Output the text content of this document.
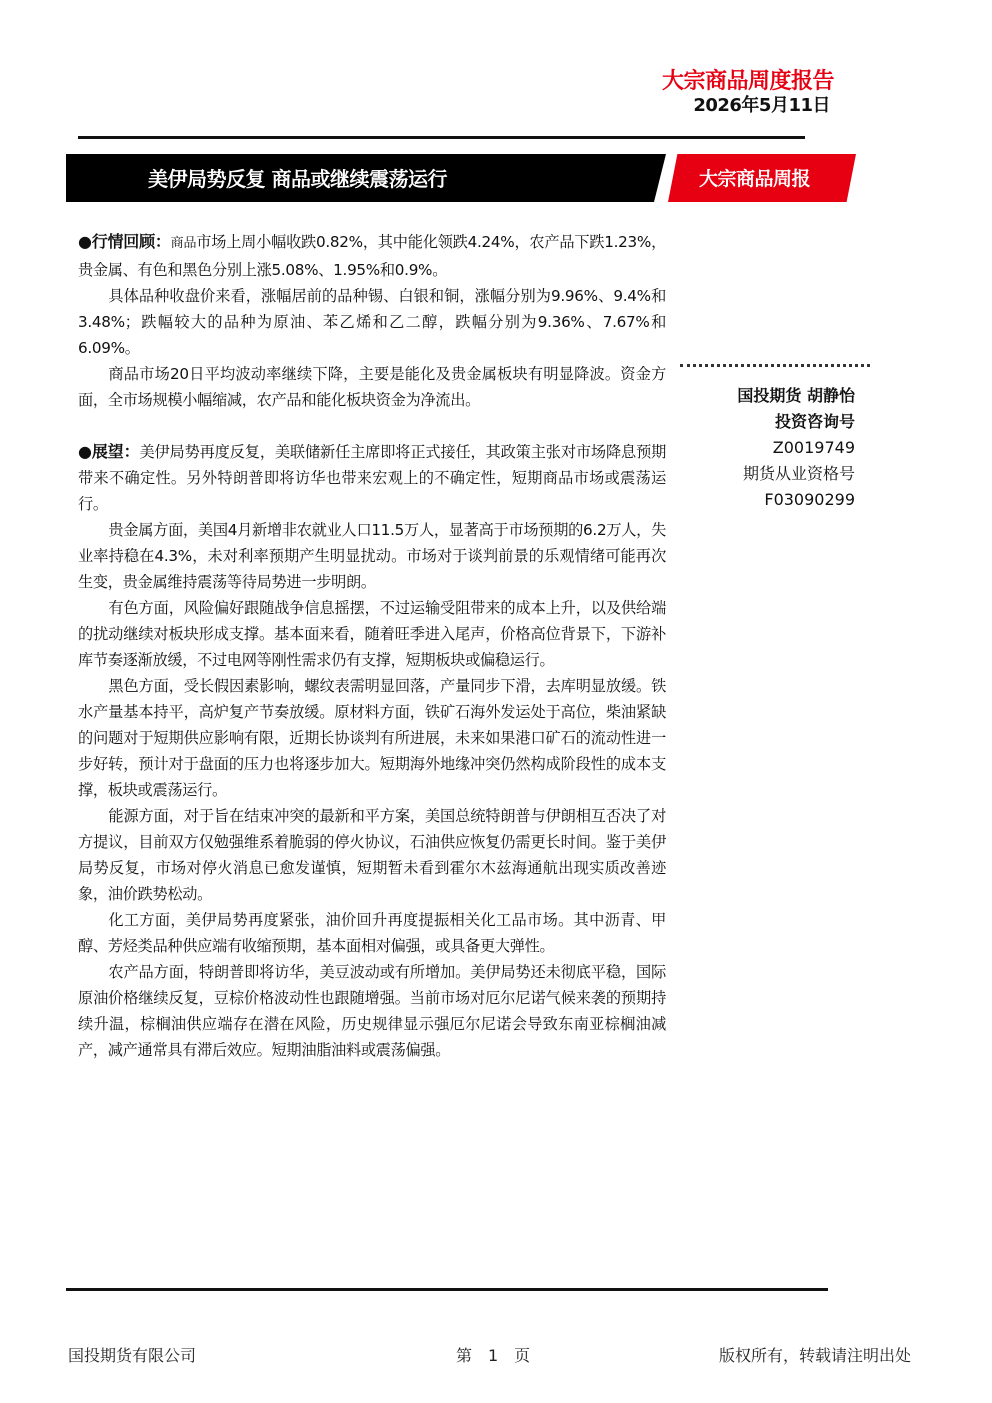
大宗商品周度报告
2026年5月11日
美伊局势反复 商品或继续震荡运行	大宗商品周报

●行情回顾：商品市场上周小幅收跌0.82%，其中能化领跌4.24%，农产品下跌1.23%，贵金属、有色和黑色分别上涨5.08%、1.95%和0.9%。

具体品种收盘价来看，涨幅居前的品种锡、白银和铜，涨幅分别为9.96%、9.4%和3.48%；跌幅较大的品种为原油、苯乙烯和乙二醇，跌幅分别为9.36%、7.67%和6.09%。

商品市场20日平均波动率继续下降，主要是能化及贵金属板块有明显降波。资金方面，全市场规模小幅缩减，农产品和能化板块资金为净流出。

●展望：美伊局势再度反复，美联储新任主席即将正式接任，其政策主张对市场降息预期带来不确定性。另外特朗普即将访华也带来宏观上的不确定性，短期商品市场或震荡运行。

贵金属方面，美国4月新增非农就业人口11.5万人，显著高于市场预期的6.2万人，失业率持稳在4.3%，未对利率预期产生明显扰动。市场对于谈判前景的乐观情绪可能再次生变，贵金属维持震荡等待局势进一步明朗。

有色方面，风险偏好跟随战争信息摇摆，不过运输受阻带来的成本上升，以及供给端的扰动继续对板块形成支撑。基本面来看，随着旺季进入尾声，价格高位背景下，下游补库节奏逐渐放缓，不过电网等刚性需求仍有支撑，短期板块或偏稳运行。

黑色方面，受长假因素影响，螺纹表需明显回落，产量同步下滑，去库明显放缓。铁水产量基本持平，高炉复产节奏放缓。原材料方面，铁矿石海外发运处于高位，柴油紧缺的问题对于短期供应影响有限，近期长协谈判有所进展，未来如果港口矿石的流动性进一步好转，预计对于盘面的压力也将逐步加大。短期海外地缘冲突仍然构成阶段性的成本支撑，板块或震荡运行。

能源方面，对于旨在结束冲突的最新和平方案，美国总统特朗普与伊朗相互否决了对方提议，目前双方仅勉强维系着脆弱的停火协议，石油供应恢复仍需更长时间。鉴于美伊局势反复，市场对停火消息已愈发谨慎，短期暂未看到霍尔木兹海通航出现实质改善迹象，油价跌势松动。

化工方面，美伊局势再度紧张，油价回升再度提振相关化工品市场。其中沥青、甲醇、芳烃类品种供应端有收缩预期，基本面相对偏强，或具备更大弹性。

农产品方面，特朗普即将访华，美豆波动或有所增加。美伊局势还未彻底平稳，国际原油价格继续反复，豆棕价格波动性也跟随增强。当前市场对厄尔尼诺气候来袭的预期持续升温，棕榈油供应端存在潜在风险，历史规律显示强厄尔尼诺会导致东南亚棕榈油减产，减产通常具有滞后效应。短期油脂油料或震荡偏强。

国投期货 胡静怡
投资咨询号
Z0019749
期货从业资格号
F03090299
国投期货有限公司	第　1　页	版权所有，转载请注明出处
